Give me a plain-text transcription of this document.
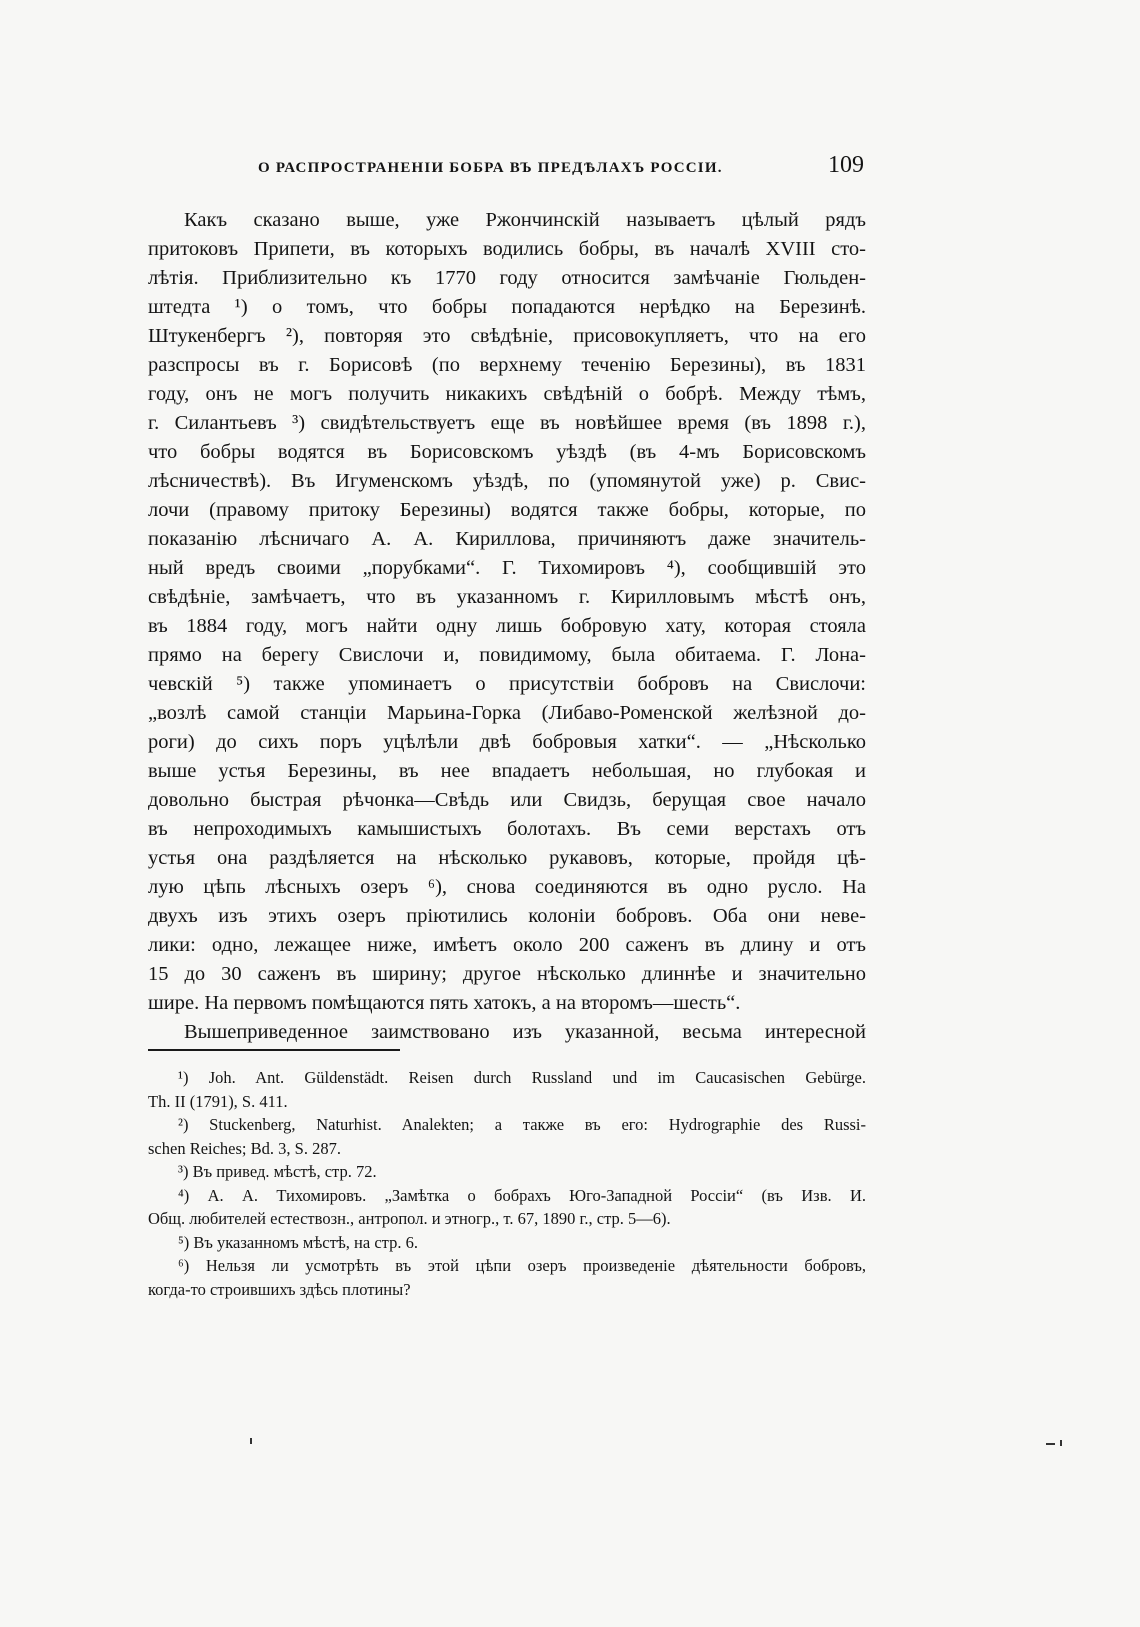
О РАСПРОСТРАНЕНІИ БОБРА ВЪ ПРЕДѢЛАХЪ РОССІИ.	109
Какъ сказано выше, уже Ржончинскій называетъ цѣлый рядъ
притоковъ Припети, въ которыхъ водились бобры, въ началѣ XVIII сто-
лѣтія. Приблизительно къ 1770 году относится замѣчаніе Гюльден-
штедта ¹) о томъ, что бобры попадаются нерѣдко на Березинѣ.
Штукенбергъ ²), повторяя это свѣдѣніе, присовокупляетъ, что на его
разспросы въ г. Борисовѣ (по верхнему теченію Березины), въ 1831
году, онъ не могъ получить никакихъ свѣдѣній о бобрѣ. Между тѣмъ,
г. Силантьевъ ³) свидѣтельствуетъ еще въ новѣйшее время (въ 1898 г.),
что бобры водятся въ Борисовскомъ уѣздѣ (въ 4-мъ Борисовскомъ
лѣсничествѣ). Въ Игуменскомъ уѣздѣ, по (упомянутой уже) р. Свис-
лочи (правому притоку Березины) водятся также бобры, которые, по
показанію лѣсничаго А. А. Кириллова, причиняютъ даже значитель-
ный вредъ своими „порубками“. Г. Тихомировъ ⁴), сообщившій это
свѣдѣніе, замѣчаетъ, что въ указанномъ г. Кирилловымъ мѣстѣ онъ,
въ 1884 году, могъ найти одну лишь бобровую хату, которая стояла
прямо на берегу Свислочи и, повидимому, была обитаема. Г. Лона-
чевскій ⁵) также упоминаетъ о присутствіи бобровъ на Свислочи:
„возлѣ самой станціи Марьина-Горка (Либаво-Роменской желѣзной до-
роги) до сихъ поръ уцѣлѣли двѣ бобровыя хатки“. — „Нѣсколько
выше устья Березины, въ нее впадаетъ небольшая, но глубокая и
довольно быстрая рѣчонка—Свѣдь или Свидзь, берущая свое начало
въ непроходимыхъ камышистыхъ болотахъ. Въ семи верстахъ отъ
устья она раздѣляется на нѣсколько рукавовъ, которые, пройдя цѣ-
лую цѣпь лѣсныхъ озеръ ⁶), снова соединяются въ одно русло. На
двухъ изъ этихъ озеръ пріютились колоніи бобровъ. Оба они неве-
лики: одно, лежащее ниже, имѣетъ около 200 саженъ въ длину и отъ
15 до 30 саженъ въ ширину; другое нѣсколько длиннѣе и значительно
шире. На первомъ помѣщаются пять хатокъ, а на второмъ—шесть“.
Вышеприведенное заимствовано изъ указанной, весьма интересной
¹) Joh. Ant. Güldenstädt. Reisen durch Russland und im Caucasischen Gebürge.
Th. II (1791), S. 411.
²) Stuckenberg, Naturhist. Analekten; а также въ его: Hydrographie des Russi-
schen Reiches; Bd. 3, S. 287.
³) Въ привед. мѣстѣ, стр. 72.
⁴) А. А. Тихомировъ. „Замѣтка о бобрахъ Юго-Западной Россіи“ (въ Изв. И.
Общ. любителей естествозн., антропол. и этногр., т. 67, 1890 г., стр. 5—6).
⁵) Въ указанномъ мѣстѣ, на стр. 6.
⁶) Нельзя ли усмотрѣть въ этой цѣпи озеръ произведеніе дѣятельности бобровъ,
когда-то строившихъ здѣсь плотины?
